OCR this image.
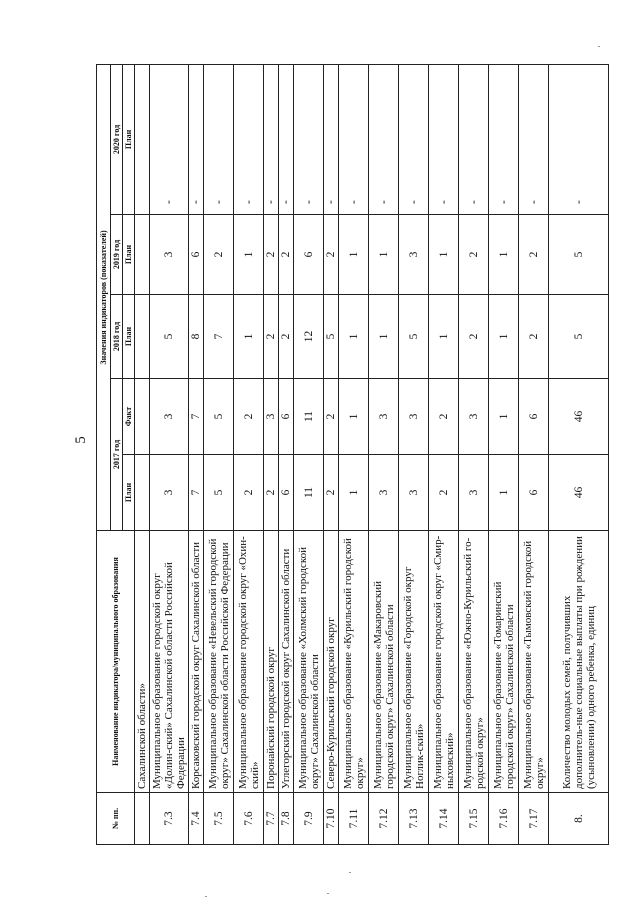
5
№ пп.	Наименование индикатора/муниципального образования	Значения индикаторов (показателей)				
		2017 год		2018 год	2019 год	2020 год
		План	Факт	План	План	План
	Сахалинской области»					
7.3	Муниципальное образование городской округ «Долин-ский» Сахалинской области Российской Федерации	3	3	5	3	-
7.4	Корсаковский городской округ Сахалинской области	7	7	8	6	-
7.5	Муниципальное образование «Невельский городской округ» Сахалинской области Российской Федерации	5	5	7	2	-
7.6	Муниципальное образование городской округ «Охин-ский»	2	2	1	1	-
7.7	Поронайский городской округ	2	3	2	2	-
7.8	Углегорский городской округ Сахалинской области	6	6	2	2	-
7.9	Муниципальное образование «Холмский городской округ» Сахалинской области	11	11	12	6	-
7.10	Северо-Курильский городской округ	2	2	5	2	-
7.11	Муниципальное образование «Курильский городской округ»	1	1	1	1	-
7.12	Муниципальное образование «Макаровский городской округ» Сахалинской области	3	3	1	1	-
7.13	Муниципальное образование «Городской округ Ноглик-ский»	3	3	5	3	-
7.14	Муниципальное образование городской округ «Смир-ныховский»	2	2	1	1	-
7.15	Муниципальное образование «Южно-Курильский го-родской округ»	3	3	2	2	-
7.16	Муниципальное образование «Томаринский городской округ» Сахалинской области	1	1	1	1	-
7.17	Муниципальное образование «Тымовский городской округ»	6	6	2	2	-
8.	Количество молодых семей, получивших дополнитель-ные социальные выплаты при рождении (усыновлении) одного ребенка, единиц	46	46	5	5	-
